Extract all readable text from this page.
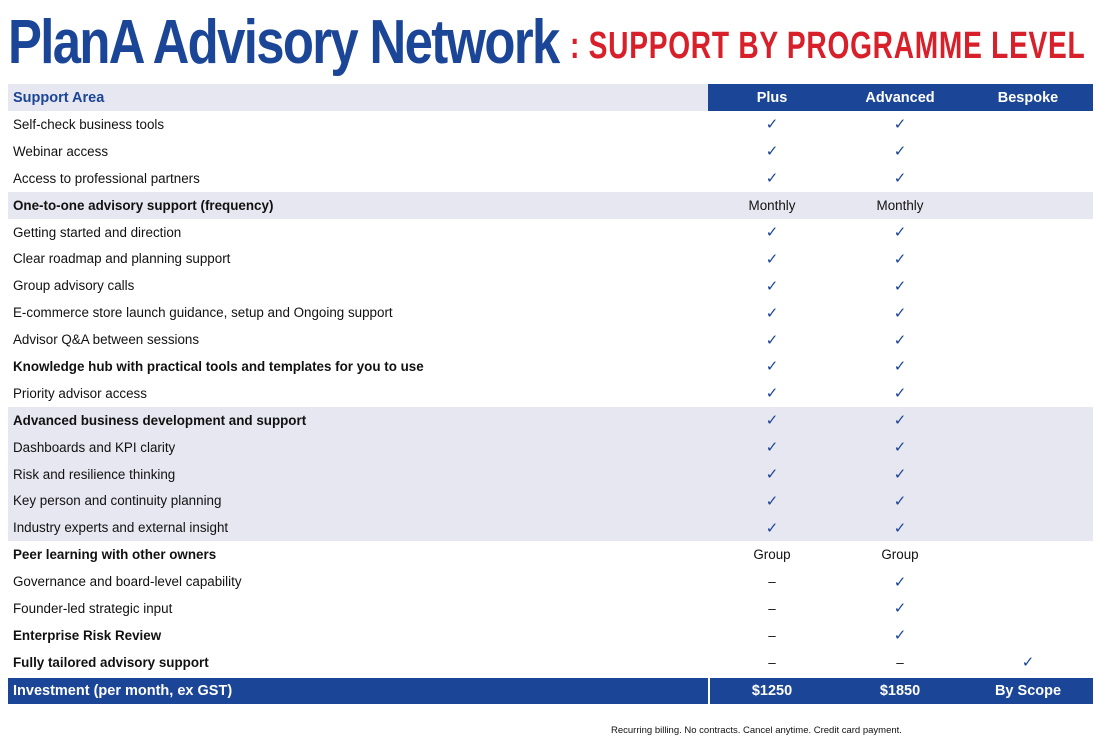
PlanA Advisory Network : SUPPORT BY PROGRAMME LEVEL
Support Area	Plus	Advanced	Bespoke
Self-check business tools	✓	✓
Webinar access	✓	✓
Access to professional partners	✓	✓
One-to-one advisory support (frequency)	Monthly	Monthly
Getting started and direction	✓	✓
Clear roadmap and planning support	✓	✓
Group advisory calls	✓	✓
E-commerce store launch guidance, setup and Ongoing support	✓	✓
Advisor Q&A between sessions	✓	✓
Knowledge hub with practical tools and templates for you to use	✓	✓
Priority advisor access	✓	✓
Advanced business development and support	✓	✓
Dashboards and KPI clarity	✓	✓
Risk and resilience thinking	✓	✓
Key person and continuity planning	✓	✓
Industry experts and external insight	✓	✓
Peer learning with other owners	Group	Group
Governance and board-level capability	–	✓
Founder-led strategic input	–	✓
Enterprise Risk Review	–	✓
Fully tailored advisory support	–	–	✓
Investment (per month, ex GST)	$1250	$1850	By Scope
Recurring billing. No contracts. Cancel anytime. Credit card payment.
